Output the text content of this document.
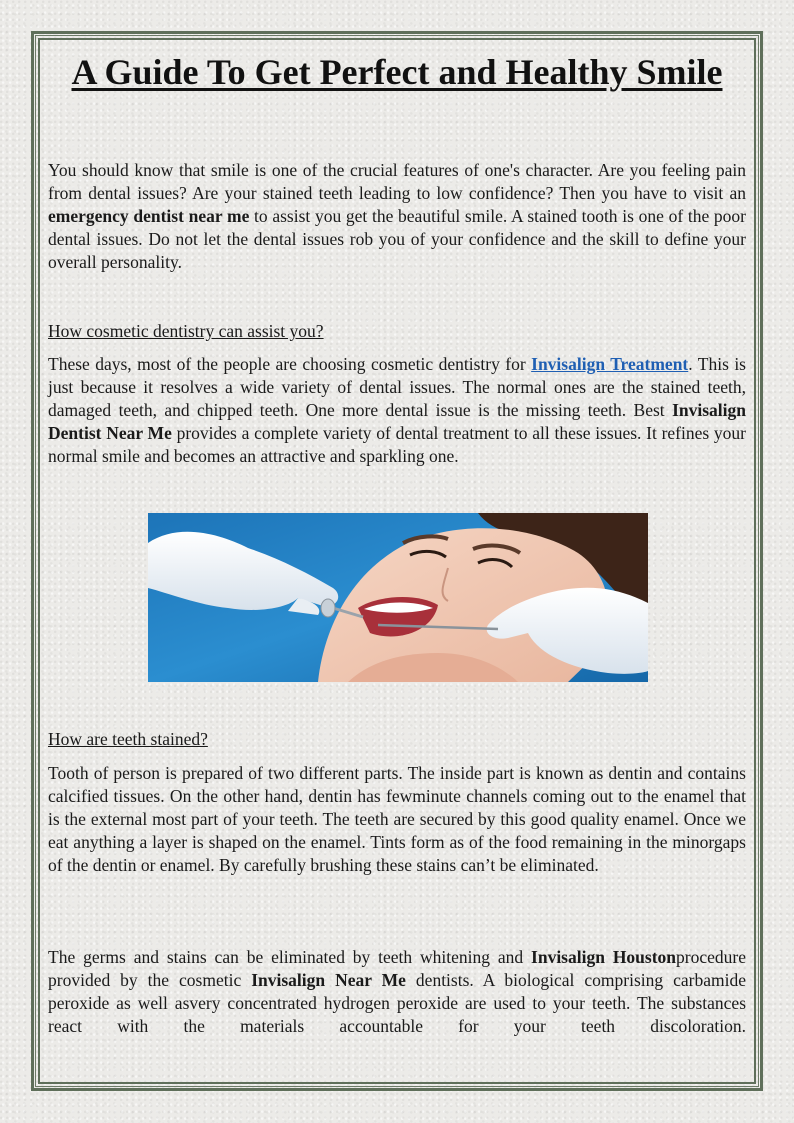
A Guide To Get Perfect and Healthy Smile

You should know that smile is one of the crucial features of one's character. Are you feeling pain from dental issues? Are your stained teeth leading to low confidence? Then you have to visit an emergency dentist near me to assist you get the beautiful smile. A stained tooth is one of the poor dental issues. Do not let the dental issues rob you of your confidence and the skill to define your overall personality.

How cosmetic dentistry can assist you?

These days, most of the people are choosing cosmetic dentistry for Invisalign Treatment. This is just because it resolves a wide variety of dental issues. The normal ones are the stained teeth, damaged teeth, and chipped teeth. One more dental issue is the missing teeth. Best Invisalign Dentist Near Me provides a complete variety of dental treatment to all these issues. It refines your normal smile and becomes an attractive and sparkling one.

How are teeth stained?

Tooth of person is prepared of two different parts. The inside part is known as dentin and contains calcified tissues. On the other hand, dentin has fewminute channels coming out to the enamel that is the external most part of your teeth. The teeth are secured by this good quality enamel. Once we eat anything a layer is shaped on the enamel. Tints form as of the food remaining in the minorgaps of the dentin or enamel. By carefully brushing these stains can’t be eliminated.

The germs and stains can be eliminated by teeth whitening and Invisalign Houstonprocedure provided by the cosmetic Invisalign Near Me dentists. A biological comprising carbamide peroxide as well asvery concentrated hydrogen peroxide are used to your teeth. The substances react with the materials accountable for your teeth discoloration.
